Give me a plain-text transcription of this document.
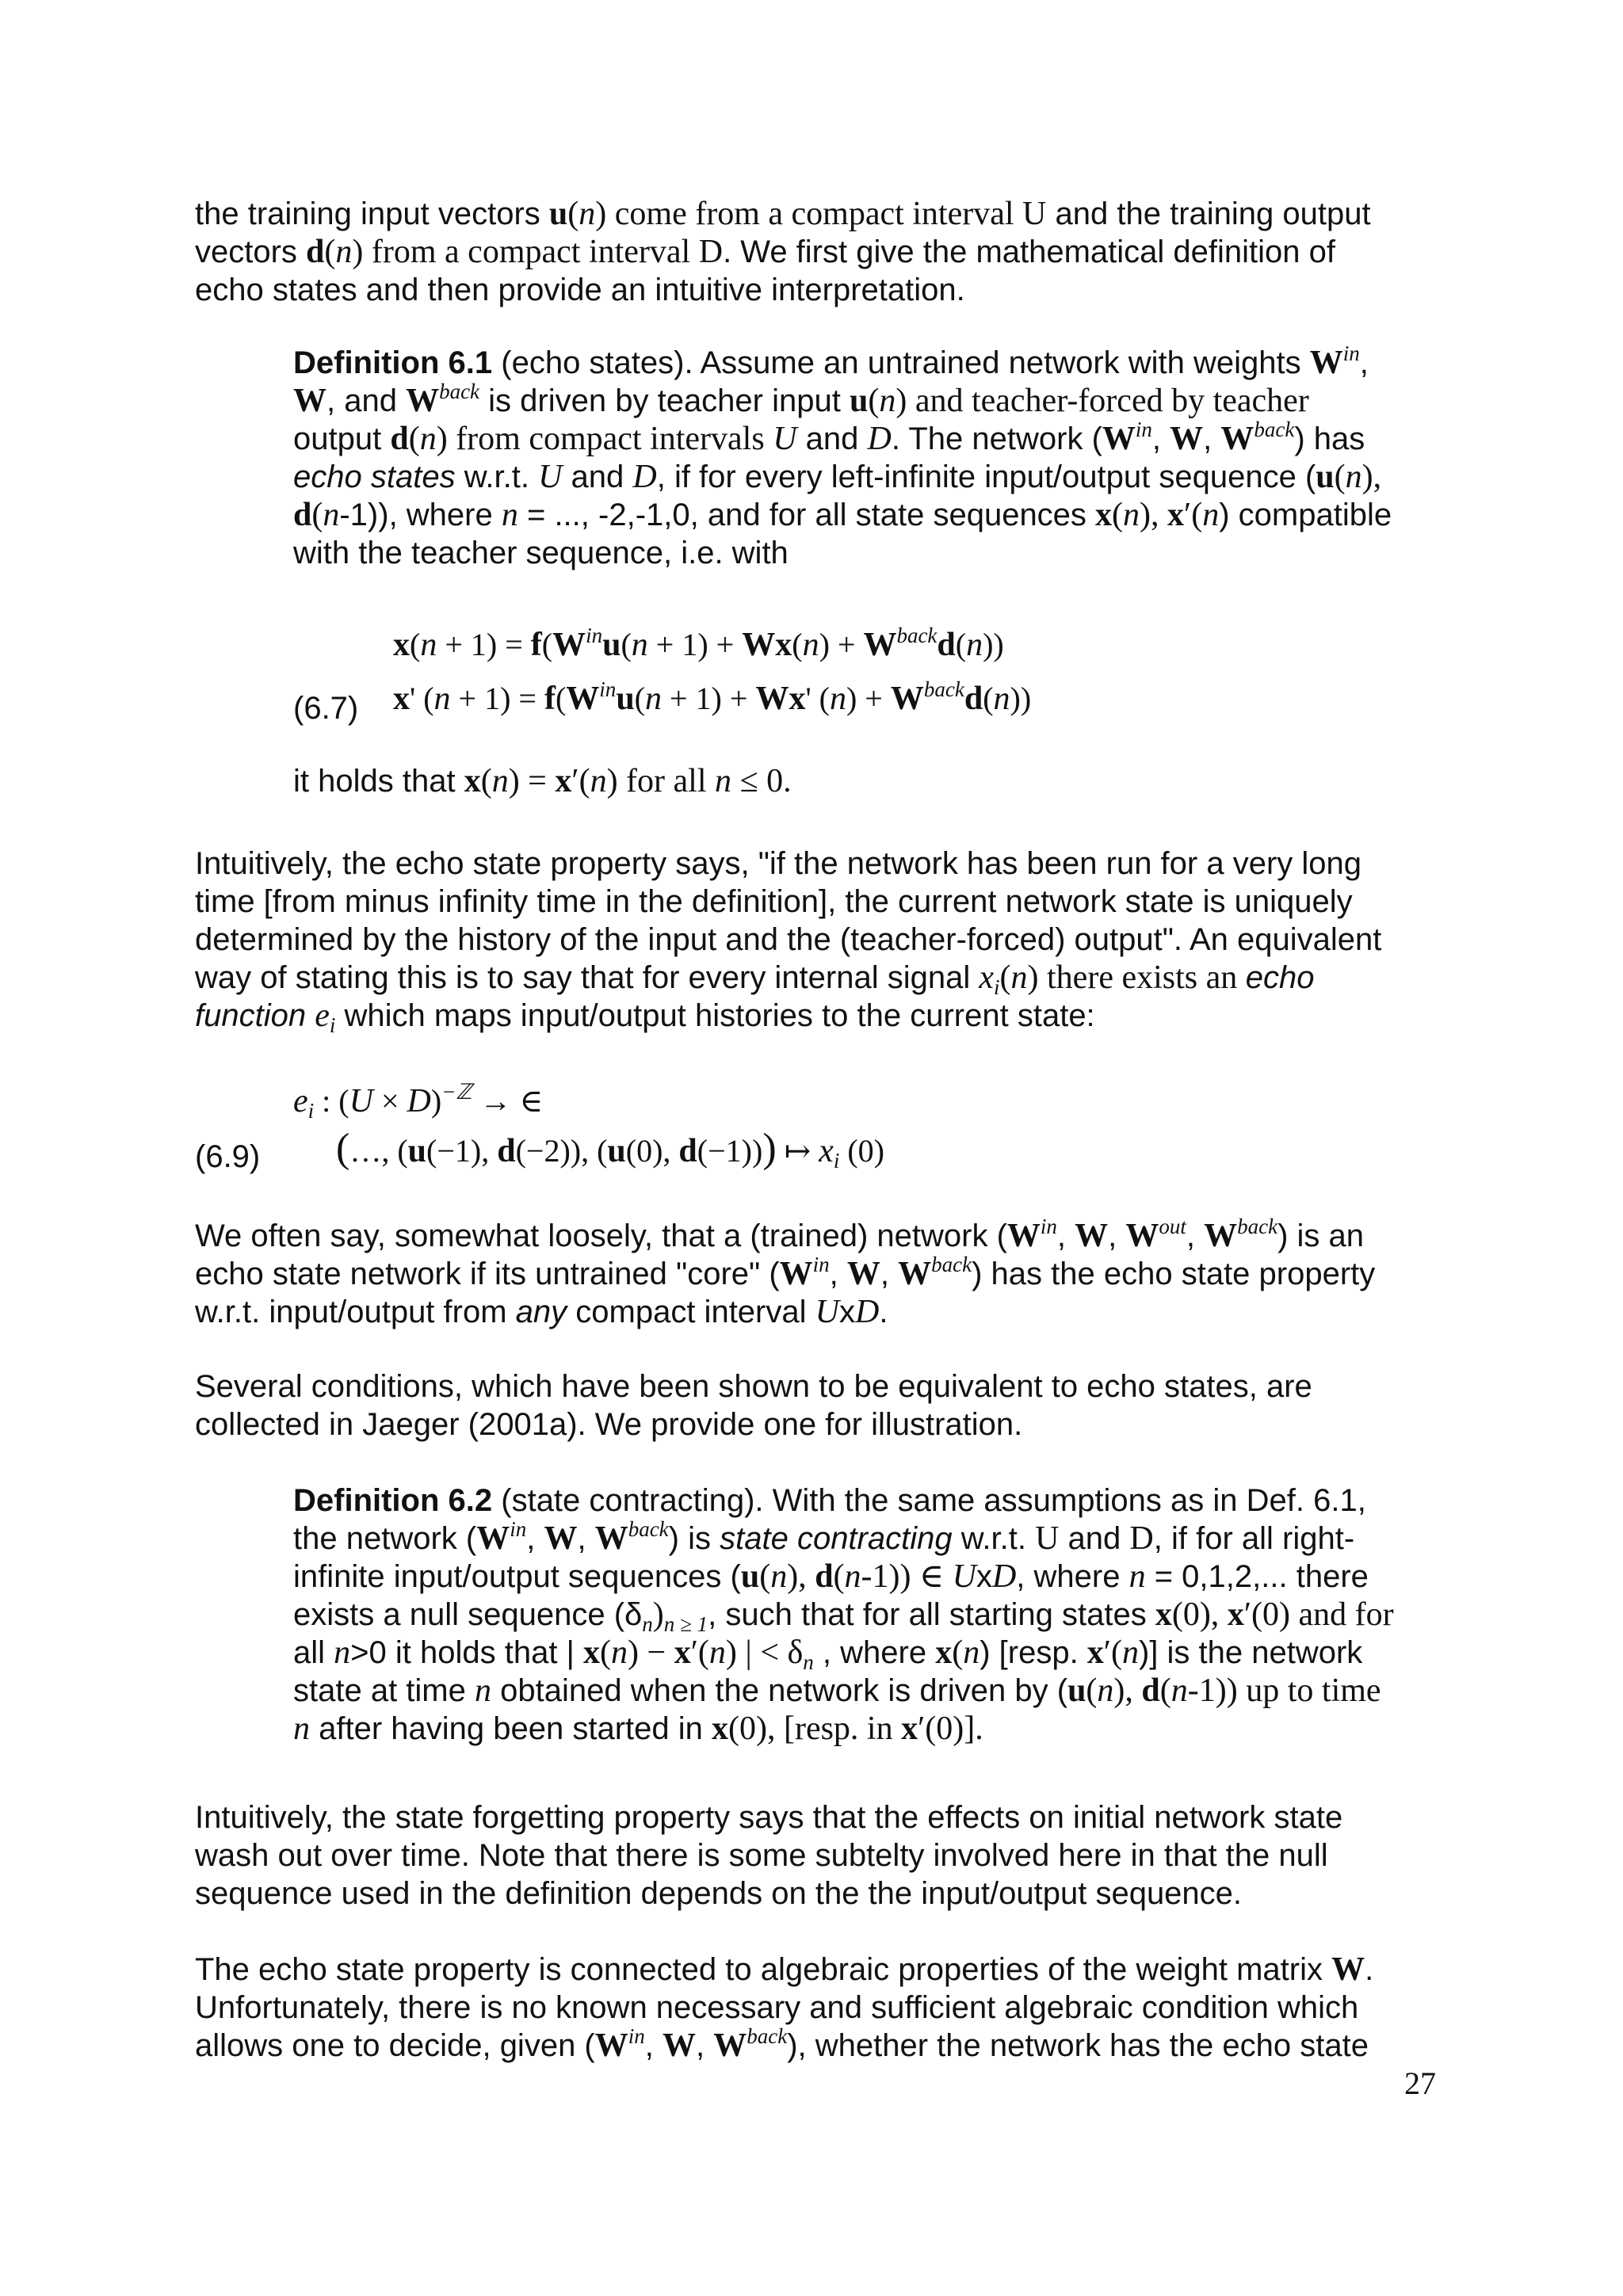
the training input vectors u(n) come from a compact interval U and the training output
vectors d(n) from a compact interval D. We first give the mathematical definition of
echo states and then provide an intuitive interpretation.
Definition 6.1 (echo states). Assume an untrained network with weights $W^{in}$,
W, and $W^{back}$ is driven by teacher input u(n) and teacher-forced by teacher
output d(n) from compact intervals U and D. The network ($W^{in}$, W, $W^{back}$) has
echo states w.r.t. U and D, if for every left-infinite input/output sequence (u(n),
d(n-1)), where n = ..., -2,-1,0, and for all state sequences x(n), x′(n) compatible
with the teacher sequence, i.e. with
$x(n + 1) = f(W^{in}u(n + 1) + Wx(n) + W^{back}d(n))$
(6.7) x' $(n + 1) = f(W^{in}u(n + 1) + Wx'$ $(n) + W^{back}d(n)$)
it holds that x(n) = x′(n) for all n ≤ 0.
Intuitively, the echo state property says, "if the network has been run for a very long
time [from minus infinity time in the definition], the current network state is uniquely
determined by the history of the input and the (teacher-forced) output". An equivalent
way of stating this is to say that for every internal signal $x_i(n)$ there exists an echo
function $e_i$ which maps input/output histories to the current state:
$e_i$ : $(U \times D)^{-ℤ}$ → ∈
(6.9) (…, (u(−1), d(−2)), (u(0), d(−1))) ↦ $x_i$ (0)
We often say, somewhat loosely, that a (trained) network ($W^{in}$, W, $W^{out}$, $W^{back}$) is an
echo state network if its untrained "core" ($W^{in}$, W, $W^{back}$) has the echo state property
w.r.t. input/output from any compact interval UxD.
Several conditions, which have been shown to be equivalent to echo states, are
collected in Jaeger (2001a). We provide one for illustration.
Definition 6.2 (state contracting). With the same assumptions as in Def. 6.1,
the network ($W^{in}$, W, $W^{back}$) is state contracting w.r.t. U and D, if for all right-
infinite input/output sequences (u(n), d(n-1)) ∈ UxD, where n = 0,1,2,... there
exists a null sequence $(\delta_n)_{n \ge 1}$, such that for all starting states x(0), x′(0) and for
all n>0 it holds that | x(n) − x′(n) | < $\delta_n$ , where x(n) [resp. x′(n)] is the network
state at time n obtained when the network is driven by (u(n), d(n-1)) up to time
n after having been started in x(0), [resp. in x′(0)].
Intuitively, the state forgetting property says that the effects on initial network state
wash out over time. Note that there is some subtelty involved here in that the null
sequence used in the definition depends on the the input/output sequence.
The echo state property is connected to algebraic properties of the weight matrix W.
Unfortunately, there is no known necessary and sufficient algebraic condition which
allows one to decide, given ($W^{in}$, W, $W^{back}$), whether the network has the echo state
27
